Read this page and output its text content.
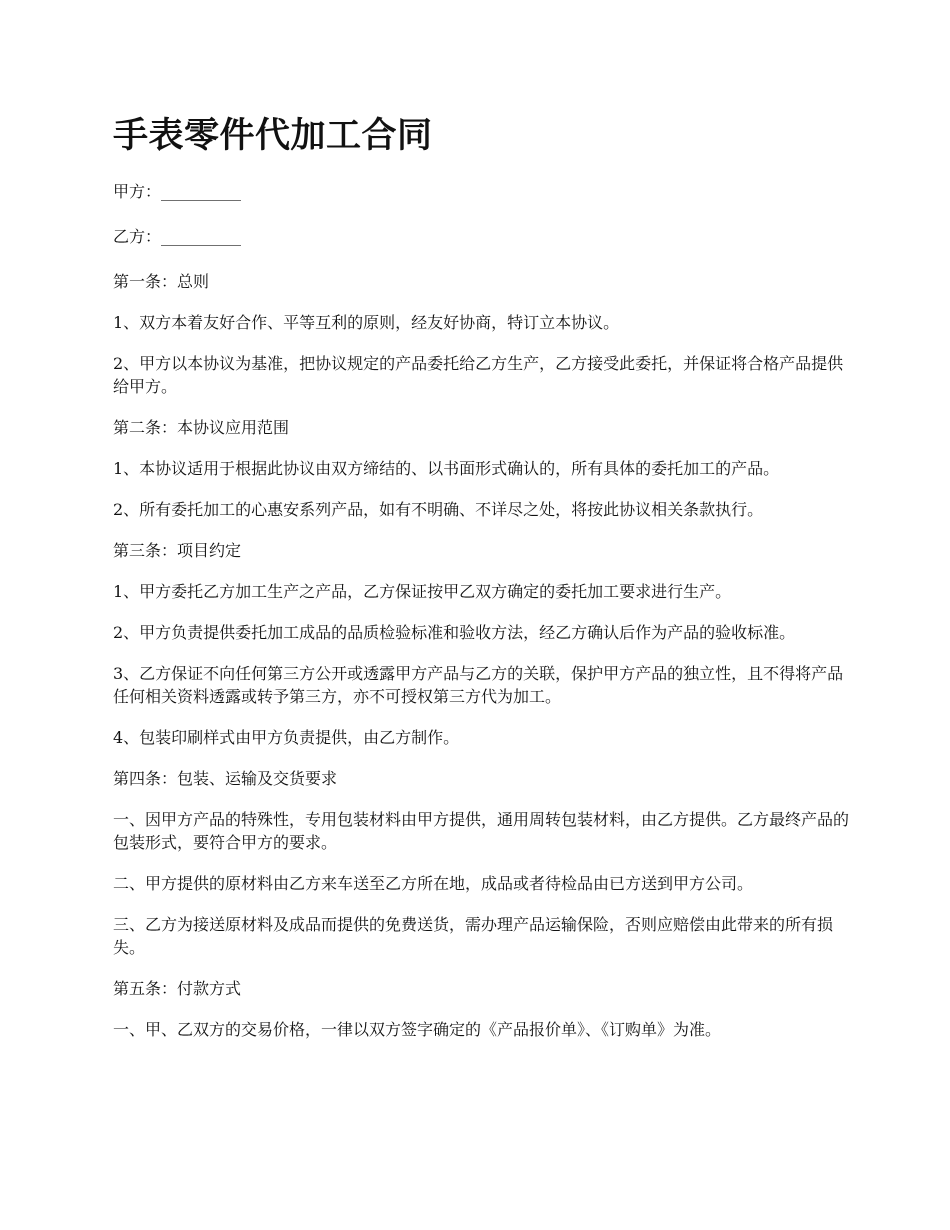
手表零件代加工合同

甲方：__________

乙方：__________

第一条：总则

1、双方本着友好合作、平等互利的原则，经友好协商，特订立本协议。

2、甲方以本协议为基准，把协议规定的产品委托给乙方生产，乙方接受此委托，并保证将合格产品提供给甲方。

第二条：本协议应用范围

1、本协议适用于根据此协议由双方缔结的、以书面形式确认的，所有具体的委托加工的产品。

2、所有委托加工的心惠安系列产品，如有不明确、不详尽之处，将按此协议相关条款执行。

第三条：项目约定

1、甲方委托乙方加工生产之产品，乙方保证按甲乙双方确定的委托加工要求进行生产。

2、甲方负责提供委托加工成品的品质检验标准和验收方法，经乙方确认后作为产品的验收标准。

3、乙方保证不向任何第三方公开或透露甲方产品与乙方的关联，保护甲方产品的独立性，且不得将产品任何相关资料透露或转予第三方，亦不可授权第三方代为加工。

4、包装印刷样式由甲方负责提供，由乙方制作。

第四条：包装、运输及交货要求

一、因甲方产品的特殊性，专用包装材料由甲方提供，通用周转包装材料，由乙方提供。乙方最终产品的包装形式，要符合甲方的要求。

二、甲方提供的原材料由乙方来车送至乙方所在地，成品或者待检品由已方送到甲方公司。

三、乙方为接送原材料及成品而提供的免费送货，需办理产品运输保险，否则应赔偿由此带来的所有损失。

第五条：付款方式

一、甲、乙双方的交易价格，一律以双方签字确定的《产品报价单》、《订购单》为准。
